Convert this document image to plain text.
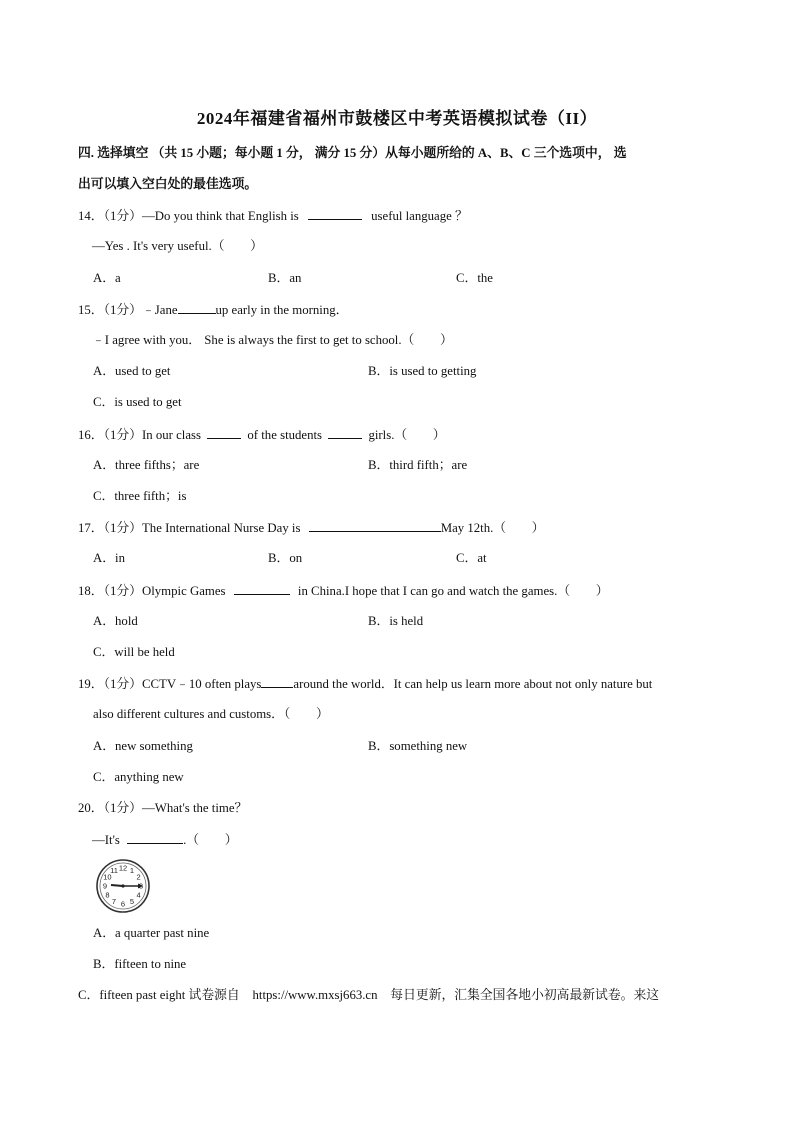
2024年福建省福州市鼓楼区中考英语模拟试卷（II）
四. 选择填空 （共 15 小题；每小题 1 分， 满分 15 分）从每小题所给的 A、B、C 三个选项中， 选
出可以填入空白处的最佳选项。
14．（1分）—Do you think that English is	useful language ？
—Yes . It's very useful.（　　）
A．a	B．an	C．the
15．（1分）﹣Jane	up early in the morning．
﹣I agree with you． She is always the first to get to school.（　　）
A．used to get	B．is used to getting
C．is used to get
16．（1分）In our class	of the students	girls.（　　）
A．three fifths；are	B．third fifth；are
C．three fifth；is
17．（1分）The International Nurse Day is	May 12th.（　　）
A．in	B．on	C．at
18．（1分）Olympic Games	in China.I hope that I can go and watch the games.（　　）
A．hold	B．is held
C．will be held
19．（1分）CCTV﹣10 often plays	around the world．It can help us learn more about not only nature but
also different cultures and customs．（　　）
A．new something	B．something new
C．anything new
20．（1分）—What's the time？
—It's	.（　　）
12 1
2
4
5
6
7
8
9
10
11
A．a quarter past nine
B．fifteen to nine
C．fifteen past eight 试卷源自　https://www.mxsj663.cn　每日更新，汇集全国各地小初高最新试卷。来这
